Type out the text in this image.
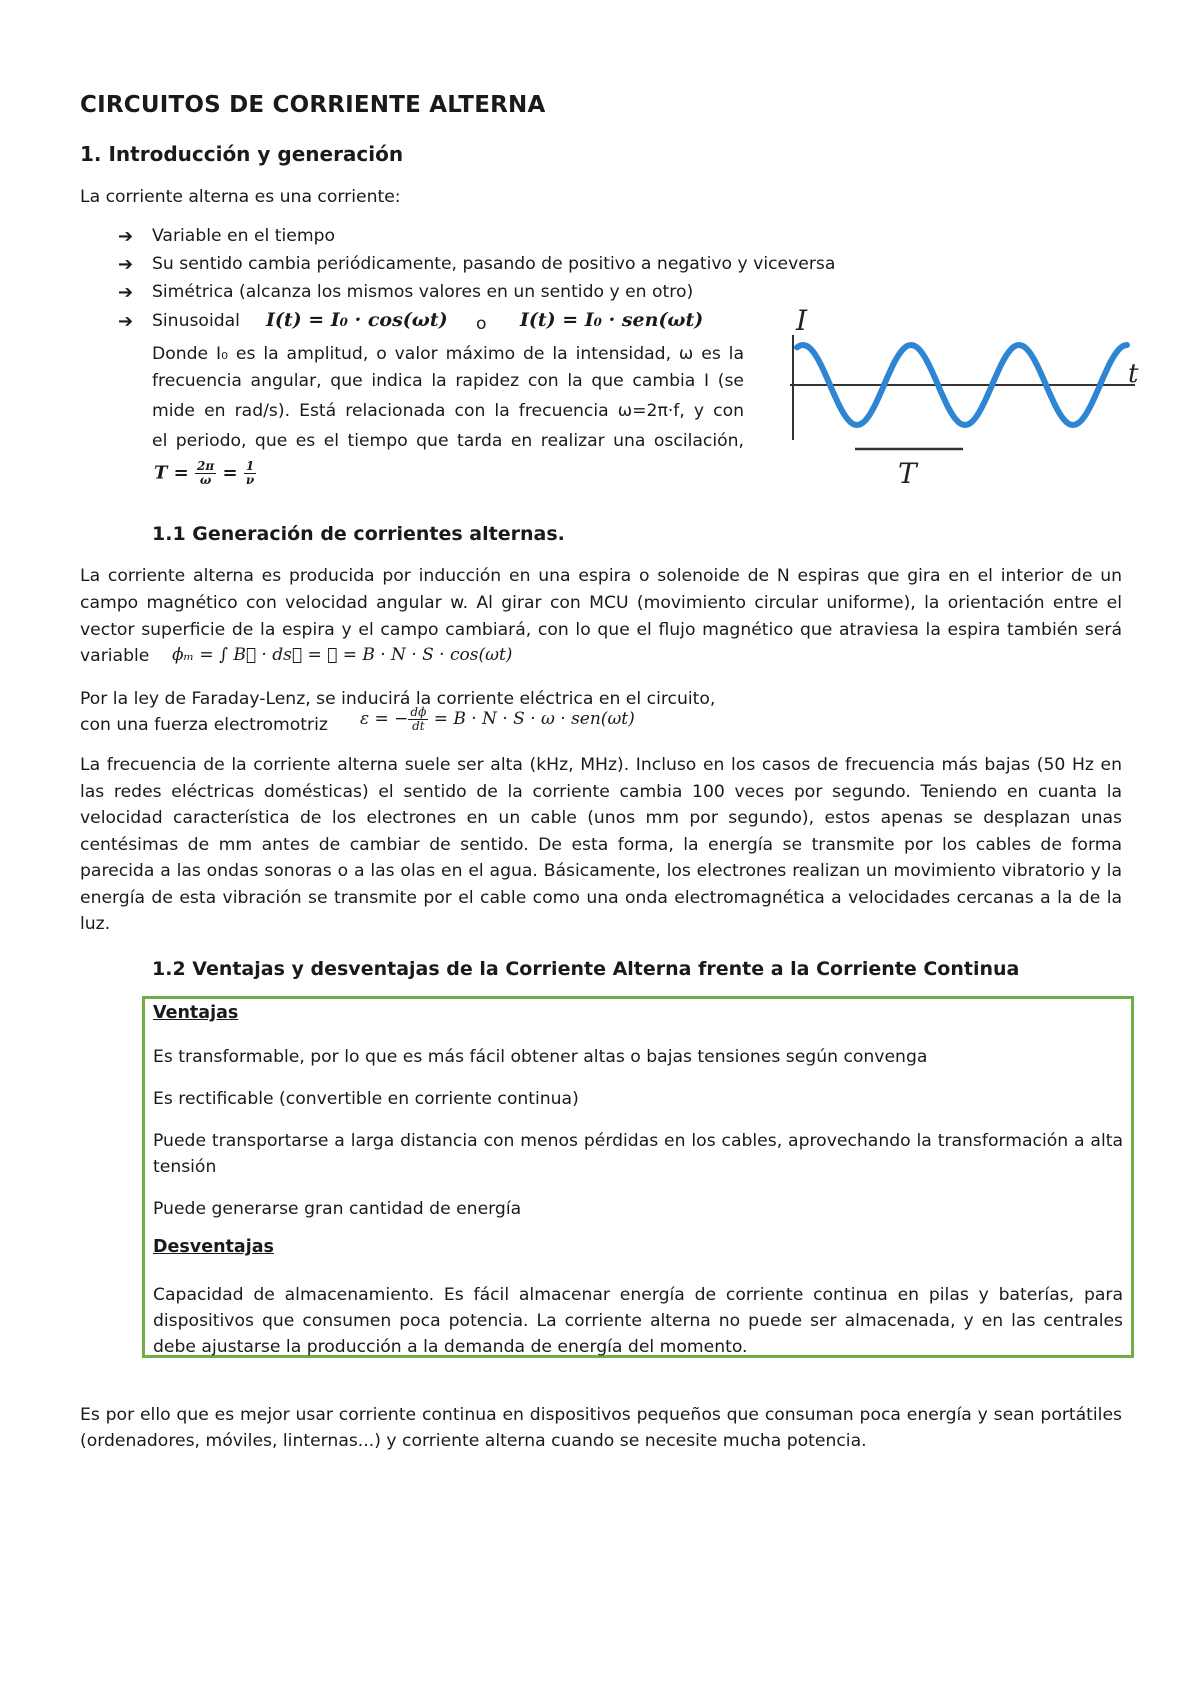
CIRCUITOS DE CORRIENTE ALTERNA
1. Introducción y generación
La corriente alterna es una corriente:
➔ Variable en el tiempo
➔ Su sentido cambia periódicamente, pasando de positivo a negativo y viceversa
➔ Simétrica (alcanza los mismos valores en un sentido y en otro)
➔ Sinusoidal I(t) = I₀ · cos(ωt) o I(t) = I₀ · sen(ωt)
Donde I₀ es la amplitud, o valor máximo de la intensidad, ω es la
frecuencia angular, que indica la rapidez con la que cambia I (se
mide en rad/s). Está relacionada con la frecuencia ω=2π·f, y con
el periodo, que es el tiempo que tarda en realizar una oscilación,
$T = \frac{2\pi}{\omega} = \frac{1}{\nu}$
I
t
T
1.1 Generación de corrientes alternas.
La corriente alterna es producida por inducción en una espira o solenoide de N espiras que gira en el interior de un
campo magnético con velocidad angular w. Al girar con MCU (movimiento circular uniforme), la orientación entre el
vector superficie de la espira y el campo cambiará, con lo que el flujo magnético que atraviesa la espira también será
variable ϕₘ = ∫ B⃗ · ds⃗ = ⋯ = B · N · S · cos(ωt)
Por la ley de Faraday-Lenz, se inducirá la corriente eléctrica en el circuito,
con una fuerza electromotriz ε = − $\frac{d\phi}{dt} = B \cdot N \cdot S \cdot \omega \cdot sen(\omega t)$
La frecuencia de la corriente alterna suele ser alta (kHz, MHz). Incluso en los casos de frecuencia más bajas (50 Hz en las redes eléctricas domésticas) el sentido de la corriente cambia 100 veces por segundo. Teniendo en cuanta la velocidad característica de los electrones en un cable (unos mm por segundo), estos apenas se desplazan unas centésimas de mm antes de cambiar de sentido. De esta forma, la energía se transmite por los cables de forma parecida a las ondas sonoras o a las olas en el agua. Básicamente, los electrones realizan un movimiento vibratorio y la energía de esta vibración se transmite por el cable como una onda electromagnética a velocidades cercanas a la de la luz.
1.2 Ventajas y desventajas de la Corriente Alterna frente a la Corriente Continua
Ventajas
Es transformable, por lo que es más fácil obtener altas o bajas tensiones según convenga
Es rectificable (convertible en corriente continua)
Puede transportarse a larga distancia con menos pérdidas en los cables, aprovechando la transformación a alta tensión
Puede generarse gran cantidad de energía
Desventajas
Capacidad de almacenamiento. Es fácil almacenar energía de corriente continua en pilas y baterías, para dispositivos que consumen poca potencia. La corriente alterna no puede ser almacenada, y en las centrales debe ajustarse la producción a la demanda de energía del momento.
Es por ello que es mejor usar corriente continua en dispositivos pequeños que consuman poca energía y sean portátiles (ordenadores, móviles, linternas...) y corriente alterna cuando se necesite mucha potencia.
